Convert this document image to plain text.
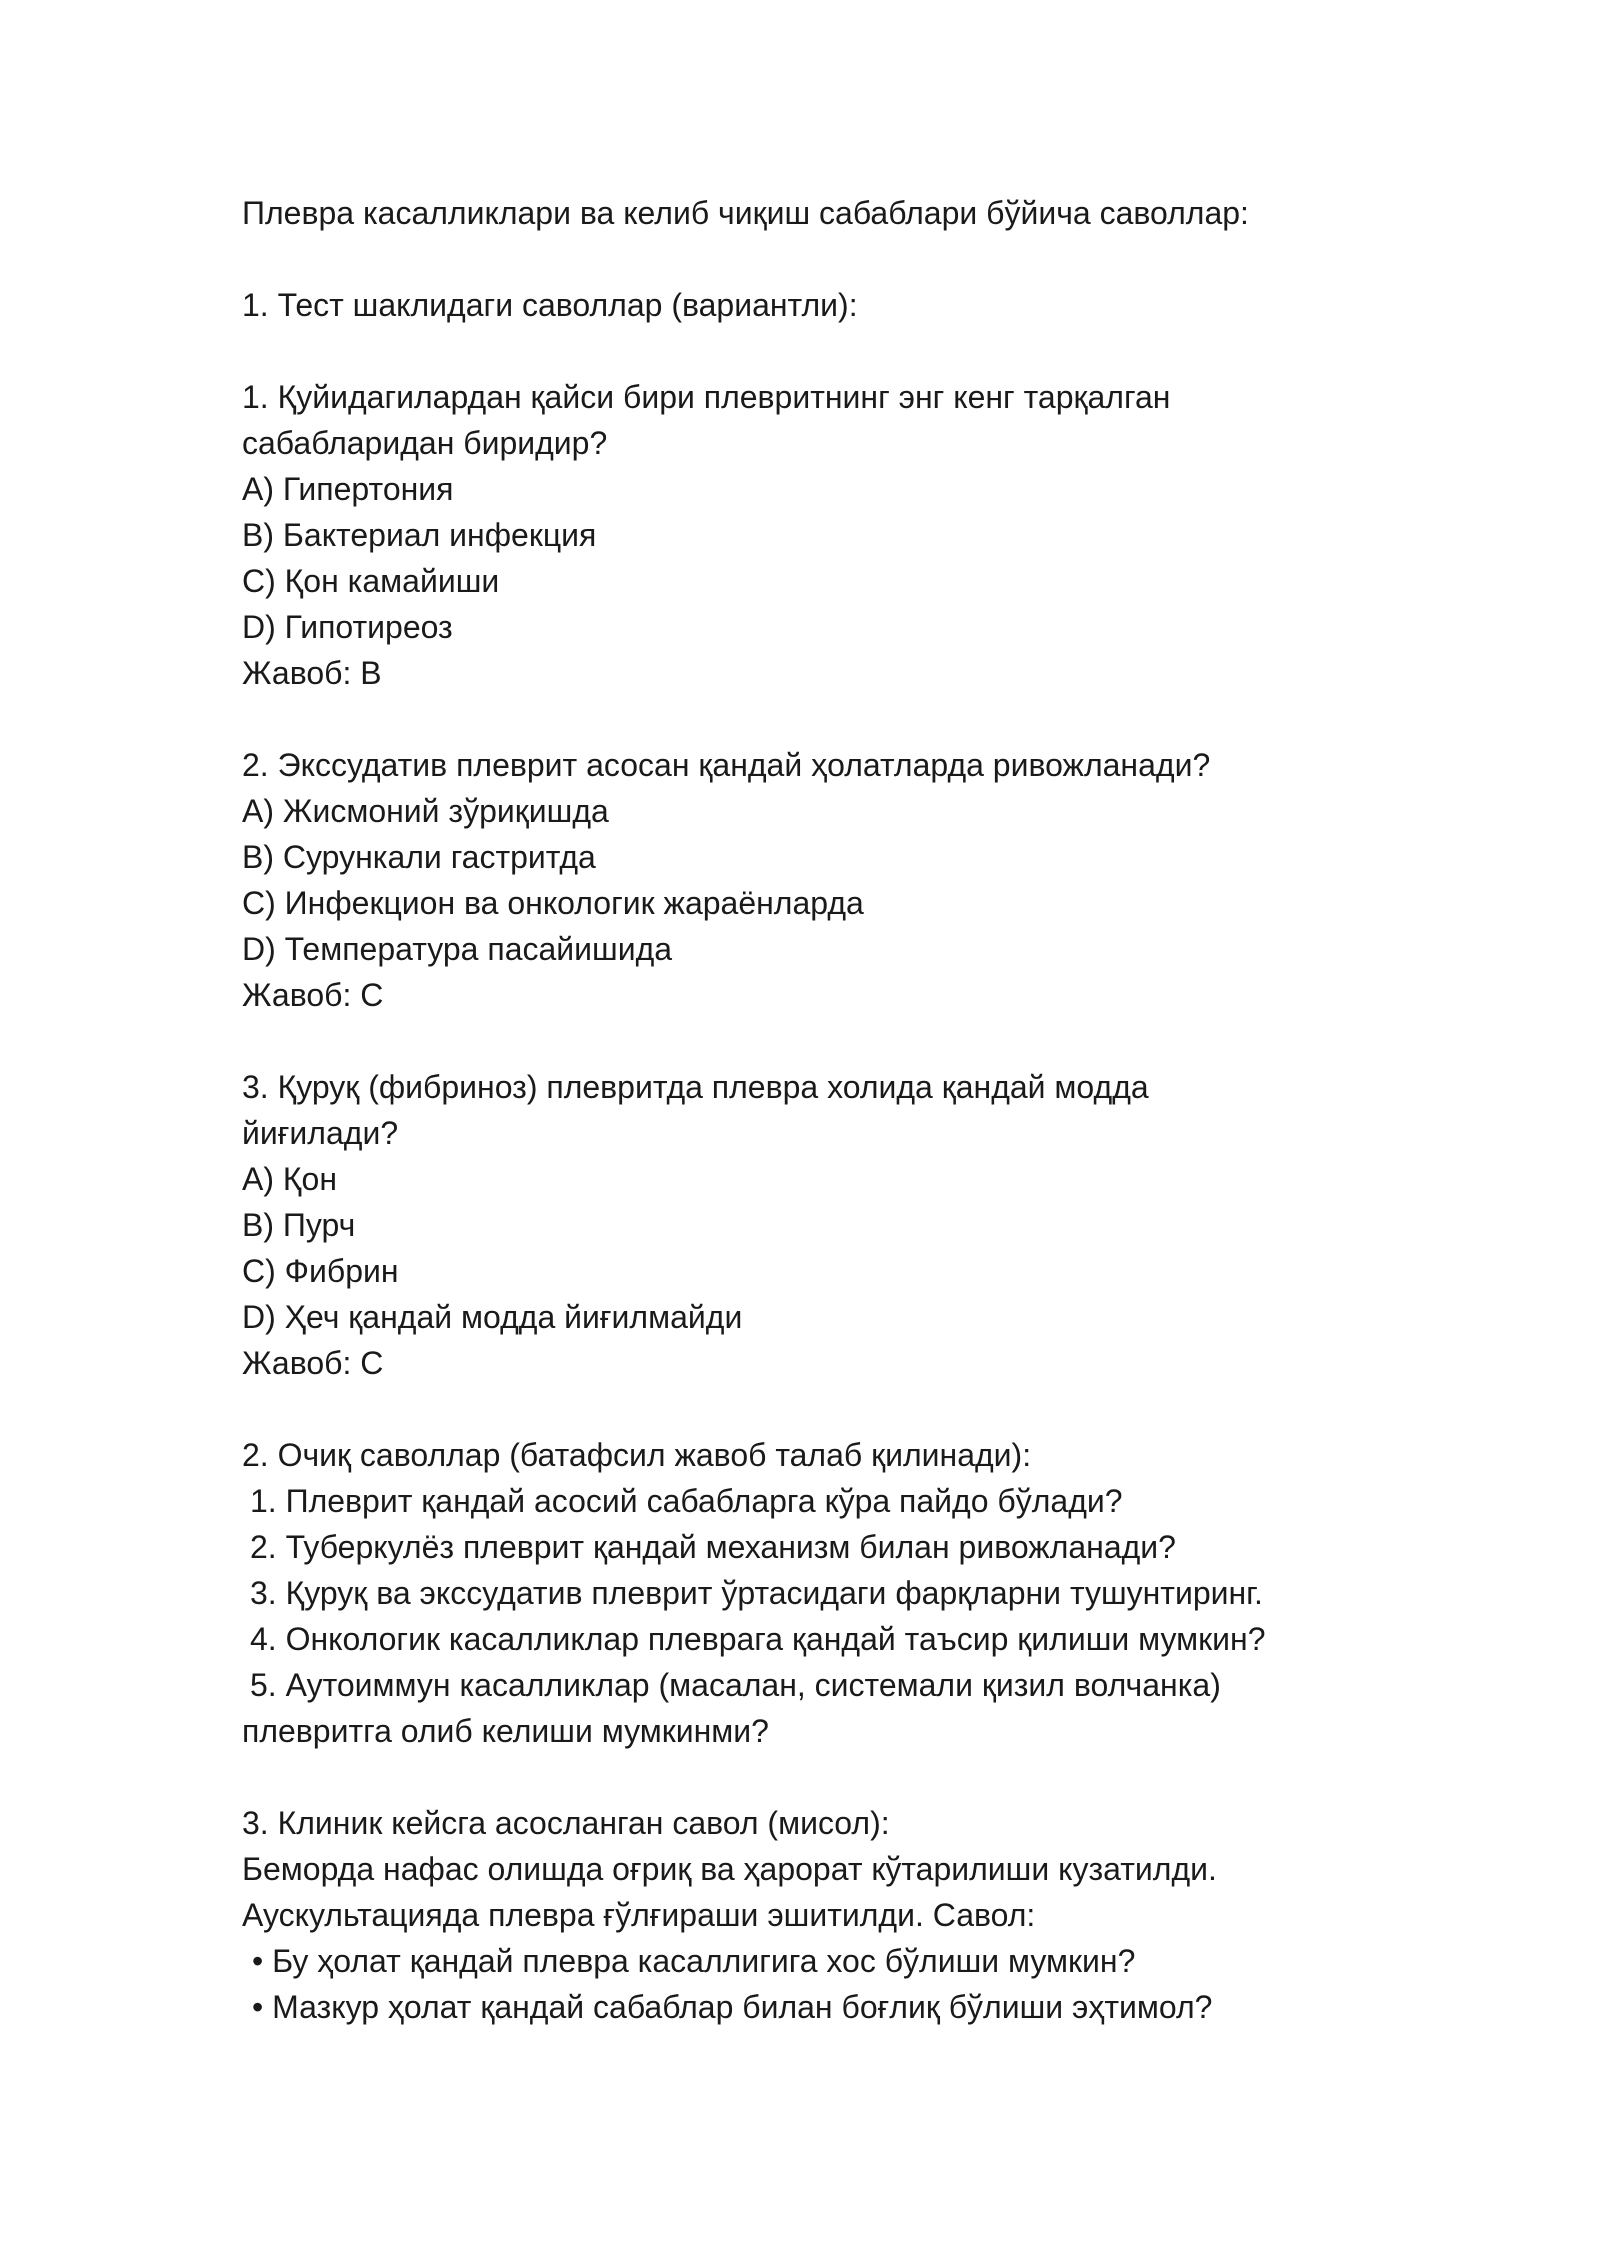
Плевра касалликлари ва келиб чиқиш сабаблари бўйича саволлар:
1. Тест шаклидаги саволлар (вариантли):
1. Қуйидагилардан қайси бири плевритнинг энг кенг тарқалган
сабабларидан биридир?
A) Гипертония
B) Бактериал инфекция
C) Қон камайиши
D) Гипотиреоз
Жавоб: B
2. Экссудатив плеврит асосан қандай ҳолатларда ривожланади?
A) Жисмоний зўриқишда
B) Сурункали гастритда
C) Инфекцион ва онкологик жараёнларда
D) Температура пасайишида
Жавоб: C
3. Қуруқ (фибриноз) плевритда плевра холида қандай модда
йиғилади?
A) Қон
B) Пурч
C) Фибрин
D) Ҳеч қандай модда йиғилмайди
Жавоб: C
2. Очиқ саволлар (батафсил жавоб талаб қилинади):
1. Плеврит қандай асосий сабабларга кўра пайдо бўлади?
2. Туберкулёз плеврит қандай механизм билан ривожланади?
3. Қуруқ ва экссудатив плеврит ўртасидаги фарқларни тушунтиринг.
4. Онкологик касалликлар плеврага қандай таъсир қилиши мумкин?
5. Аутоиммун касалликлар (масалан, системали қизил волчанка)
плевритга олиб келиши мумкинми?
3. Клиник кейсга асосланган савол (мисол):
Беморда нафас олишда оғриқ ва ҳарорат кўтарилиши кузатилди.
Аускультацияда плевра ғўлғираши эшитилди. Савол:
• Бу ҳолат қандай плевра касаллигига хос бўлиши мумкин?
• Мазкур ҳолат қандай сабаблар билан боғлиқ бўлиши эҳтимол?
